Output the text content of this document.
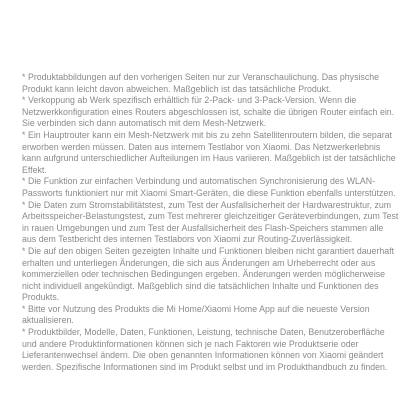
* Produktabbildungen auf den vorherigen Seiten nur zur Veranschaulichung. Das physische Produkt kann leicht davon abweichen. Maßgeblich ist das tatsächliche Produkt.

* Verkoppung ab Werk spezifisch erhältlich für 2-Pack- und 3-Pack-Version. Wenn die Netzwerkkonfiguration eines Routers abgeschlossen ist, schalte die übrigen Router einfach ein. Sie verbinden sich dann automatisch mit dem Mesh-Netzwerk.

* Ein Hauptrouter kann ein Mesh-Netzwerk mit bis zu zehn Satellitenroutern bilden, die separat erworben werden müssen. Daten aus internem Testlabor von Xiaomi. Das Netzwerkerlebnis kann aufgrund unterschiedlicher Aufteilungen im Haus variieren. Maßgeblich ist der tatsächliche Effekt.

* Die Funktion zur einfachen Verbindung und automatischen Synchronisierung des WLAN-Passworts funktioniert nur mit Xiaomi Smart-Geräten, die diese Funktion ebenfalls unterstützen.

* Die Daten zum Stromstabilitätstest, zum Test der Ausfallsicherheit der Hardwarestruktur, zum Arbeitsspeicher-Belastungstest, zum Test mehrerer gleichzeitiger Geräteverbindungen, zum Test in rauen Umgebungen und zum Test der Ausfallsicherheit des Flash-Speichers stammen alle aus dem Testbericht des internen Testlabors von Xiaomi zur Routing-Zuverlässigkeit.

* Die auf den obigen Seiten gezeigten Inhalte und Funktionen bleiben nicht garantiert dauerhaft erhalten und unterliegen Änderungen, die sich aus Änderungen am Urheberrecht oder aus kommerziellen oder technischen Bedingungen ergeben. Änderungen werden möglicherweise nicht individuell angekündigt. Maßgeblich sind die tatsächlichen Inhalte und Funktionen des Produkts.

* Bitte vor Nutzung des Produkts die Mi Home/Xiaomi Home App auf die neueste Version aktualisieren.

* Produktbilder, Modelle, Daten, Funktionen, Leistung, technische Daten, Benutzeroberfläche und andere Produktinformationen können sich je nach Faktoren wie Produktserie oder Lieferantenwechsel ändern. Die oben genannten Informationen können von Xiaomi geändert werden. Spezifische Informationen sind im Produkt selbst und im Produkthandbuch zu finden.
